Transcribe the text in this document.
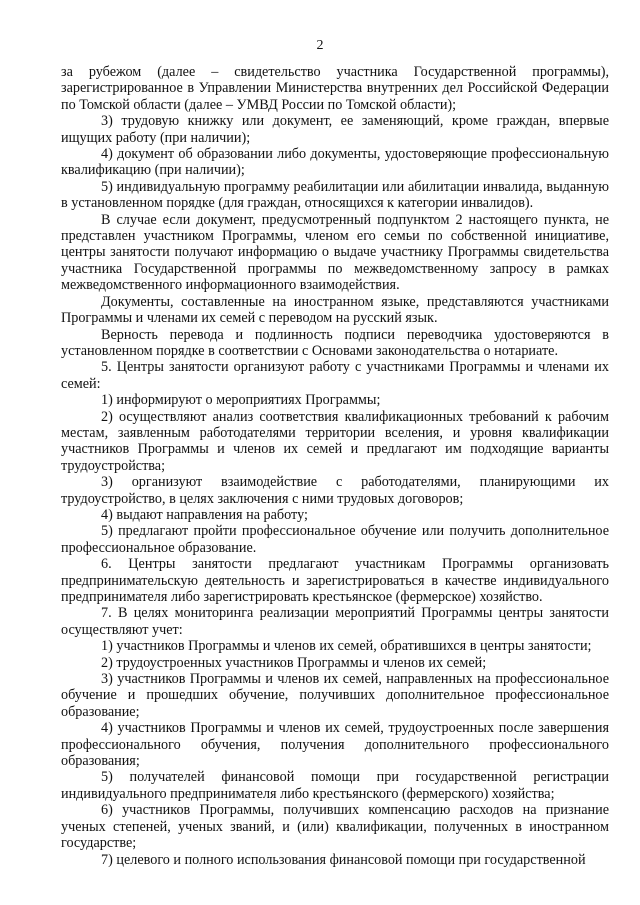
2

за рубежом (далее – свидетельство участника Государственной программы), зарегистрированное в Управлении Министерства внутренних дел Российской Федерации по Томской области (далее – УМВД России по Томской области);

3) трудовую книжку или документ, ее заменяющий, кроме граждан, впервые ищущих работу (при наличии);

4) документ об образовании либо документы, удостоверяющие профессиональную квалификацию (при наличии);

5) индивидуальную программу реабилитации или абилитации инвалида, выданную в установленном порядке (для граждан, относящихся к категории инвалидов).

В случае если документ, предусмотренный подпунктом 2 настоящего пункта, не представлен участником Программы, членом его семьи по собственной инициативе, центры занятости получают информацию о выдаче участнику Программы свидетельства участника Государственной программы по межведомственному запросу в рамках межведомственного информационного взаимодействия.

Документы, составленные на иностранном языке, представляются участниками Программы и членами их семей с переводом на русский язык.

Верность перевода и подлинность подписи переводчика удостоверяются в установленном порядке в соответствии с Основами законодательства о нотариате.

5. Центры занятости организуют работу с участниками Программы и членами их семей:

1) информируют о мероприятиях Программы;

2) осуществляют анализ соответствия квалификационных требований к рабочим местам, заявленным работодателями территории вселения, и уровня квалификации участников Программы и членов их семей и предлагают им подходящие варианты трудоустройства;

3) организуют взаимодействие с работодателями, планирующими их трудоустройство, в целях заключения с ними трудовых договоров;

4) выдают направления на работу;

5) предлагают пройти профессиональное обучение или получить дополнительное профессиональное образование.

6. Центры занятости предлагают участникам Программы организовать предпринимательскую деятельность и зарегистрироваться в качестве индивидуального предпринимателя либо зарегистрировать крестьянское (фермерское) хозяйство.

7. В целях мониторинга реализации мероприятий Программы центры занятости осуществляют учет:

1) участников Программы и членов их семей, обратившихся в центры занятости;

2) трудоустроенных участников Программы и членов их семей;

3) участников Программы и членов их семей, направленных на профессиональное обучение и прошедших обучение, получивших дополнительное профессиональное образование;

4) участников Программы и членов их семей, трудоустроенных после завершения профессионального обучения, получения дополнительного профессионального образования;

5) получателей финансовой помощи при государственной регистрации индивидуального предпринимателя либо крестьянского (фермерского) хозяйства;

6) участников Программы, получивших компенсацию расходов на признание ученых степеней, ученых званий, и (или) квалификации, полученных в иностранном государстве;

7) целевого и полного использования финансовой помощи при государственной
